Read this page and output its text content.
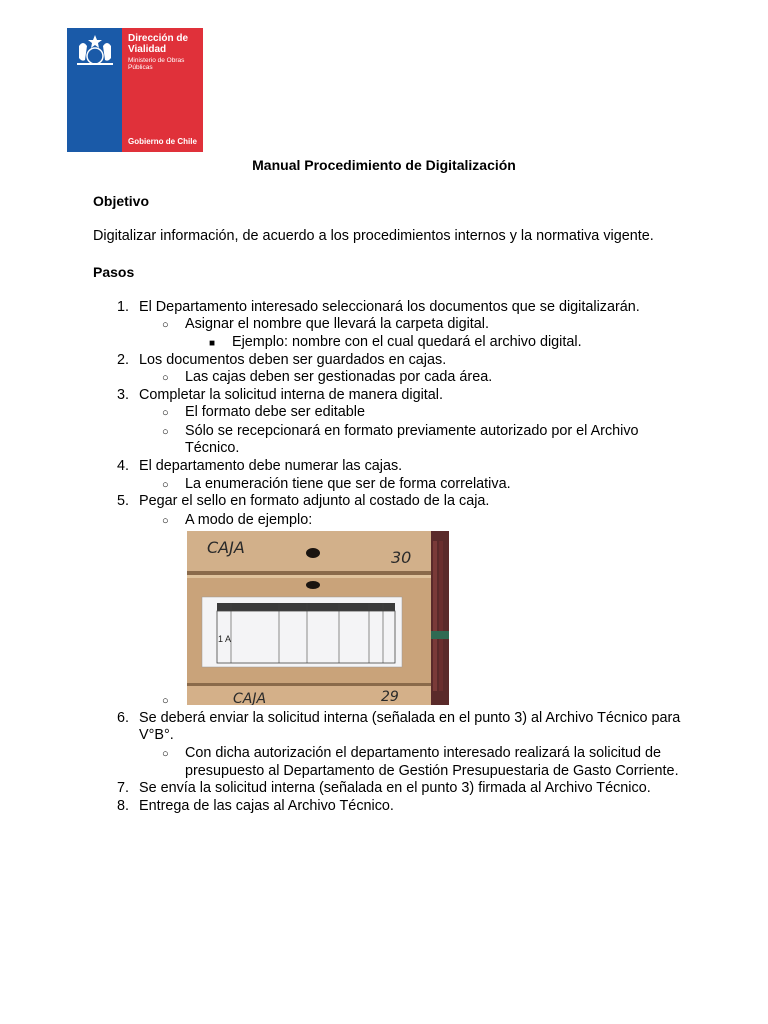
Dirección de
Vialidad
Ministerio de Obras
Públicas
Gobierno de Chile
Manual Procedimiento de Digitalización
Objetivo
Digitalizar información, de acuerdo a los procedimientos internos y la normativa vigente.
Pasos
1. El Departamento interesado seleccionará los documentos que se digitalizarán.
○ Asignar el nombre que llevará la carpeta digital.
■ Ejemplo: nombre con el cual quedará el archivo digital.
2. Los documentos deben ser guardados en cajas.
○ Las cajas deben ser gestionadas por cada área.
3. Completar la solicitud interna de manera digital.
○ El formato debe ser editable
○ Sólo se recepcionará en formato previamente autorizado por el Archivo
Técnico.
4. El departamento debe numerar las cajas.
○ La enumeración tiene que ser de forma correlativa.
5. Pegar el sello en formato adjunto al costado de la caja.
○ A modo de ejemplo:
1 A
CAJA
30
CAJA	29
○
6. Se deberá enviar la solicitud interna (señalada en el punto 3) al Archivo Técnico para
V°B°.
○ Con dicha autorización el departamento interesado realizará la solicitud de
presupuesto al Departamento de Gestión Presupuestaria de Gasto Corriente.
7. Se envía la solicitud interna (señalada en el punto 3) firmada al Archivo Técnico.
8. Entrega de las cajas al Archivo Técnico.
